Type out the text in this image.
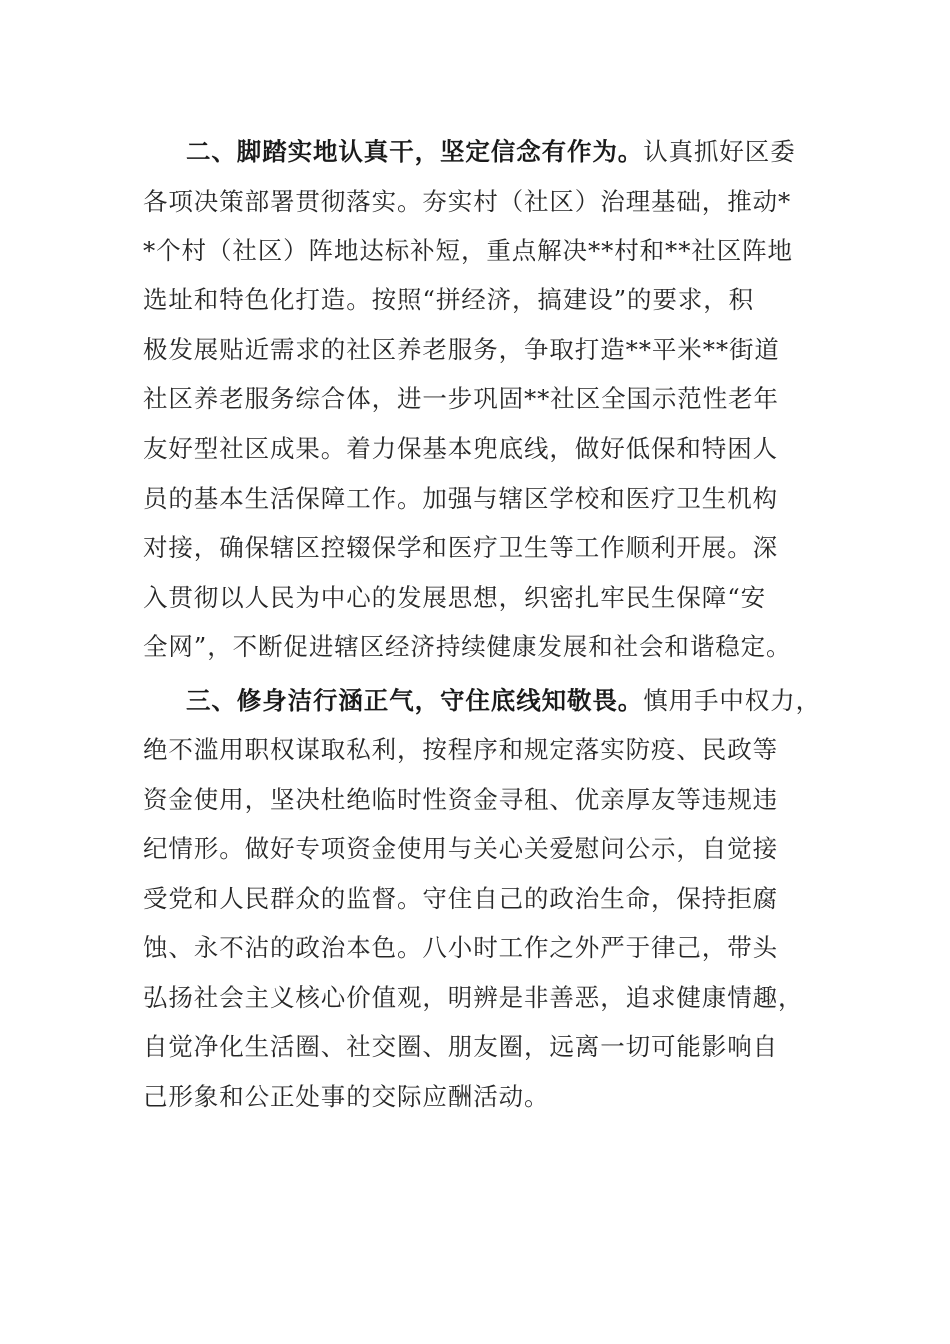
二、脚踏实地认真干，坚定信念有作为。认真抓好区委
各项决策部署贯彻落实。夯实村（社区）治理基础，推动*
*个村（社区）阵地达标补短，重点解决**村和**社区阵地
选址和特色化打造。按照“拼经济，搞建设”的要求，积
极发展贴近需求的社区养老服务，争取打造**平米**街道
社区养老服务综合体，进一步巩固**社区全国示范性老年
友好型社区成果。着力保基本兜底线，做好低保和特困人
员的基本生活保障工作。加强与辖区学校和医疗卫生机构
对接，确保辖区控辍保学和医疗卫生等工作顺利开展。深
入贯彻以人民为中心的发展思想，织密扎牢民生保障“安
全网”，不断促进辖区经济持续健康发展和社会和谐稳定。
三、修身洁行涵正气，守住底线知敬畏。慎用手中权力，
绝不滥用职权谋取私利，按程序和规定落实防疫、民政等
资金使用，坚决杜绝临时性资金寻租、优亲厚友等违规违
纪情形。做好专项资金使用与关心关爱慰问公示，自觉接
受党和人民群众的监督。守住自己的政治生命，保持拒腐
蚀、永不沾的政治本色。八小时工作之外严于律己，带头
弘扬社会主义核心价值观，明辨是非善恶，追求健康情趣，
自觉净化生活圈、社交圈、朋友圈，远离一切可能影响自
己形象和公正处事的交际应酬活动。
